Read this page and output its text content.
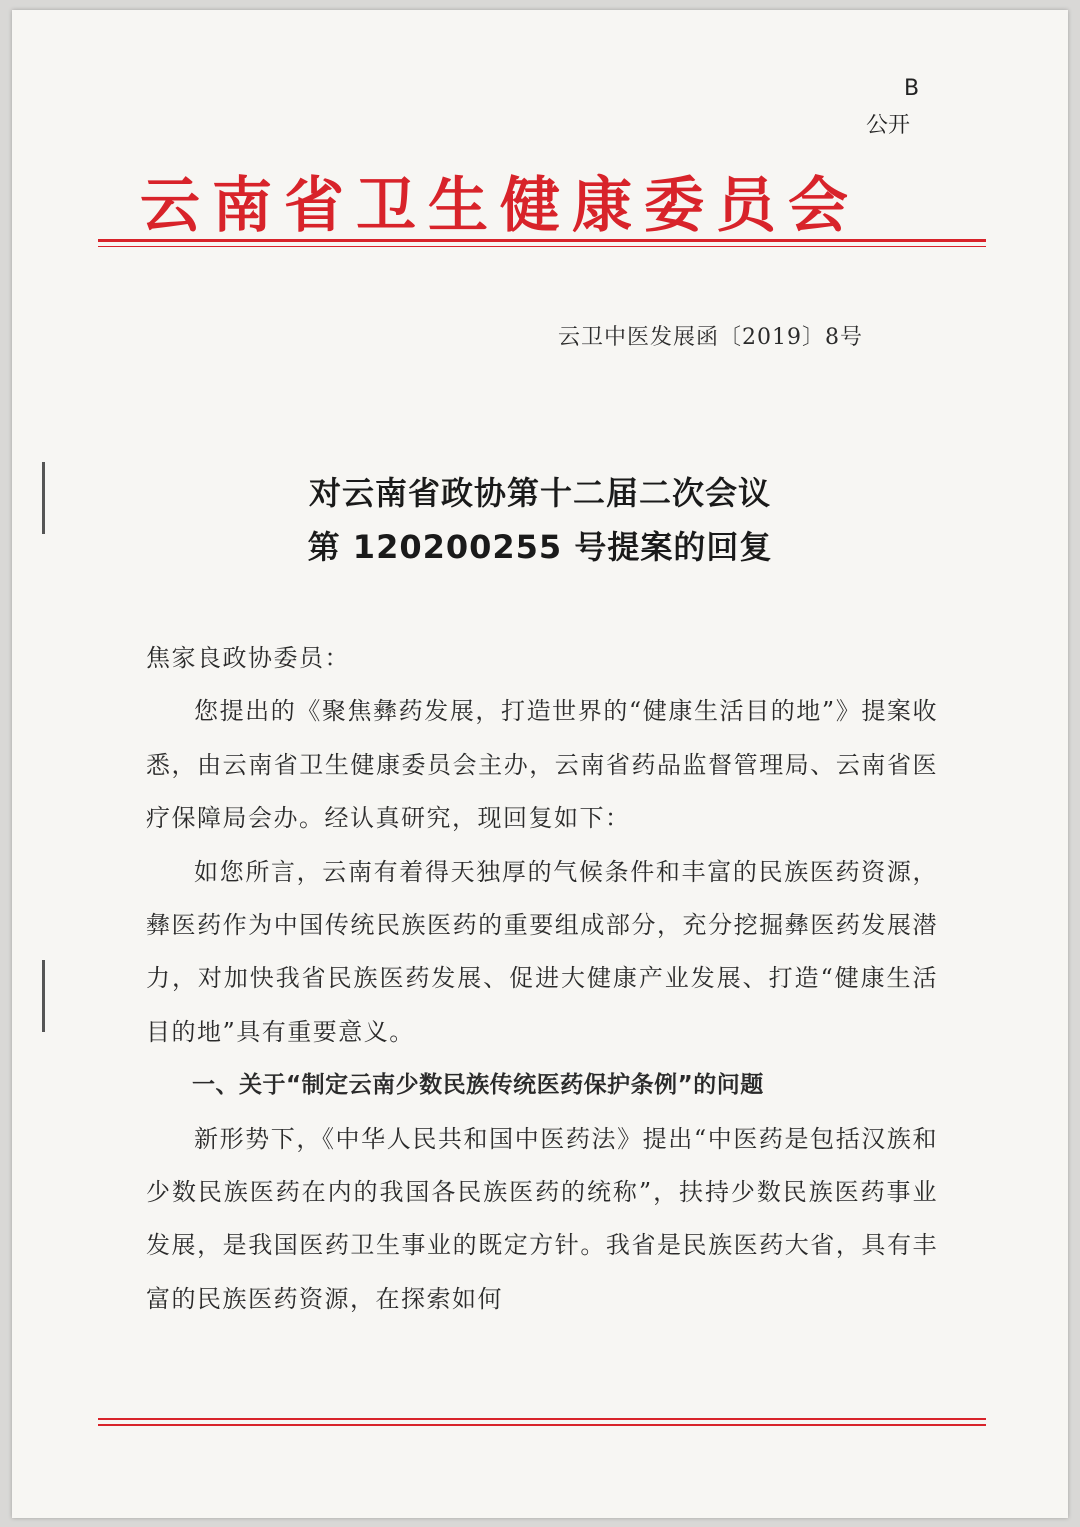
B
公开
云南省卫生健康委员会
云卫中医发展函〔2019〕8号
对云南省政协第十二届二次会议
第 120200255 号提案的回复

焦家良政协委员：

您提出的《聚焦彝药发展，打造世界的“健康生活目的地”》提案收悉，由云南省卫生健康委员会主办，云南省药品监督管理局、云南省医疗保障局会办。经认真研究，现回复如下：

如您所言，云南有着得天独厚的气候条件和丰富的民族医药资源，彝医药作为中国传统民族医药的重要组成部分，充分挖掘彝医药发展潜力，对加快我省民族医药发展、促进大健康产业发展、打造“健康生活目的地”具有重要意义。

一、关于“制定云南少数民族传统医药保护条例”的问题

新形势下，《中华人民共和国中医药法》提出“中医药是包括汉族和少数民族医药在内的我国各民族医药的统称”，扶持少数民族医药事业发展，是我国医药卫生事业的既定方针。我省是民族医药大省，具有丰富的民族医药资源，在探索如何
